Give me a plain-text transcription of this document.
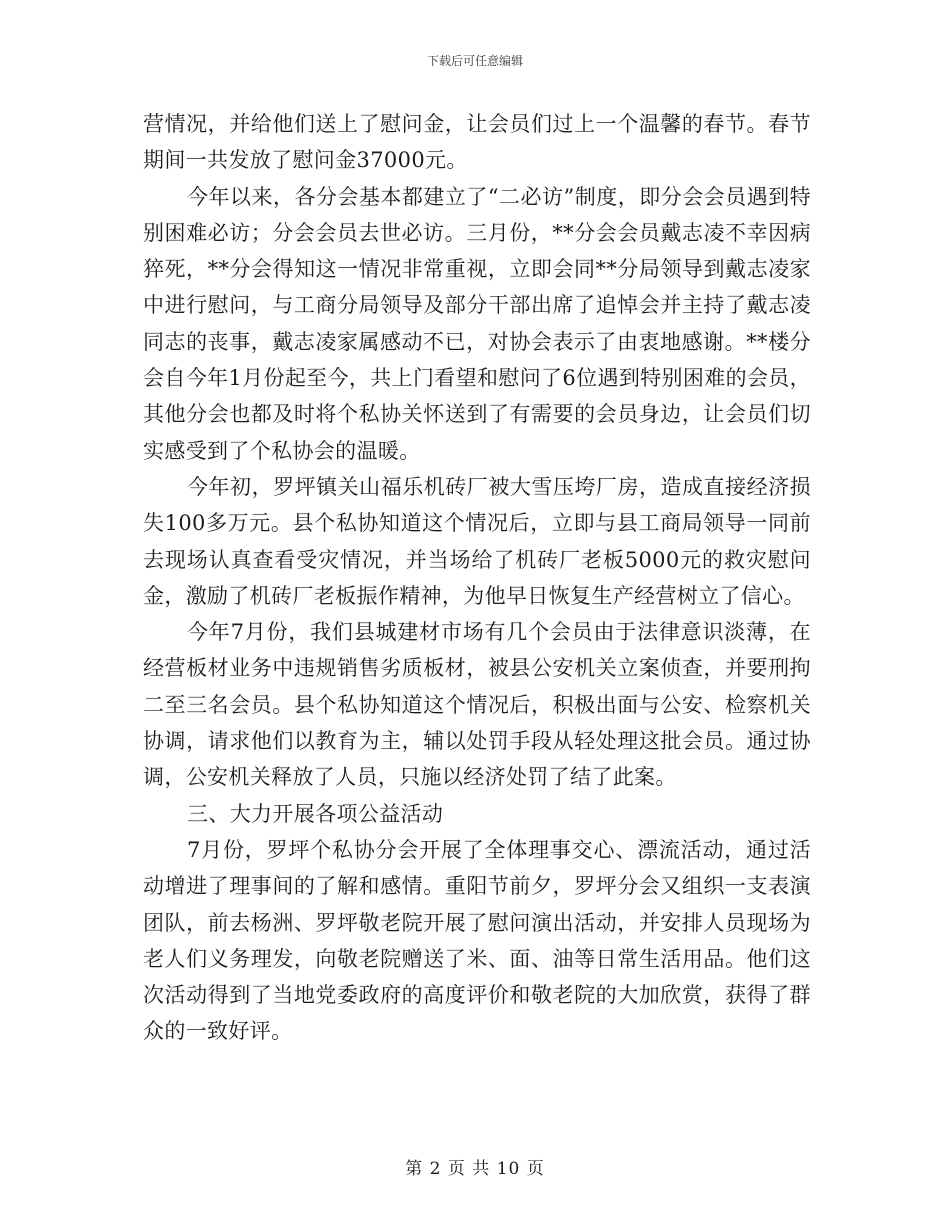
下载后可任意编辑

营情况，并给他们送上了慰问金，让会员们过上一个温馨的春节。春节期间一共发放了慰问金37000元。

今年以来，各分会基本都建立了“二必访”制度，即分会会员遇到特别困难必访；分会会员去世必访。三月份，**分会会员戴志凌不幸因病猝死，**分会得知这一情况非常重视，立即会同**分局领导到戴志凌家中进行慰问，与工商分局领导及部分干部出席了追悼会并主持了戴志凌同志的丧事，戴志凌家属感动不已，对协会表示了由衷地感谢。**楼分会自今年1月份起至今，共上门看望和慰问了6位遇到特别困难的会员，其他分会也都及时将个私协关怀送到了有需要的会员身边，让会员们切实感受到了个私协会的温暖。

今年初，罗坪镇关山福乐机砖厂被大雪压垮厂房，造成直接经济损失100多万元。县个私协知道这个情况后，立即与县工商局领导一同前去现场认真查看受灾情况，并当场给了机砖厂老板5000元的救灾慰问金，激励了机砖厂老板振作精神，为他早日恢复生产经营树立了信心。

今年7月份，我们县城建材市场有几个会员由于法律意识淡薄，在经营板材业务中违规销售劣质板材，被县公安机关立案侦查，并要刑拘二至三名会员。县个私协知道这个情况后，积极出面与公安、检察机关协调，请求他们以教育为主，辅以处罚手段从轻处理这批会员。通过协调，公安机关释放了人员，只施以经济处罚了结了此案。

三、大力开展各项公益活动

7月份，罗坪个私协分会开展了全体理事交心、漂流活动，通过活动增进了理事间的了解和感情。重阳节前夕，罗坪分会又组织一支表演团队，前去杨洲、罗坪敬老院开展了慰问演出活动，并安排人员现场为老人们义务理发，向敬老院赠送了米、面、油等日常生活用品。他们这次活动得到了当地党委政府的高度评价和敬老院的大加欣赏，获得了群众的一致好评。

第 2 页 共 10 页
